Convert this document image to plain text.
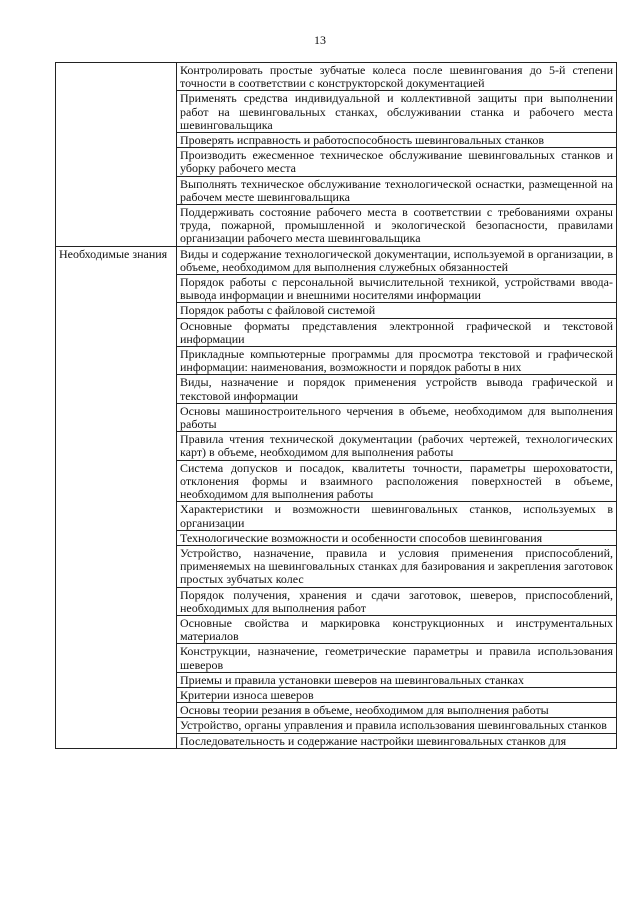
13
	Контролировать простые зубчатые колеса после шевингования до 5-й степени точности в соответствии с конструкторской документацией
	Применять средства индивидуальной и коллективной защиты при выполнении работ на шевинговальных станках, обслуживании станка и рабочего места шевинговальщика
	Проверять исправность и работоспособность шевинговальных станков
	Производить ежесменное техническое обслуживание шевинговальных станков и уборку рабочего места
	Выполнять техническое обслуживание технологической оснастки, размещенной на рабочем месте шевинговальщика
	Поддерживать состояние рабочего места в соответствии с требованиями охраны труда, пожарной, промышленной и экологической безопасности, правилами организации рабочего места шевинговальщика
Необходимые знания	Виды и содержание технологической документации, используемой в организации, в объеме, необходимом для выполнения служебных обязанностей
	Порядок работы с персональной вычислительной техникой, устройствами ввода-вывода информации и внешними носителями информации
	Порядок работы с файловой системой
	Основные форматы представления электронной графической и текстовой информации
	Прикладные компьютерные программы для просмотра текстовой и графической информации: наименования, возможности и порядок работы в них
	Виды, назначение и порядок применения устройств вывода графической и текстовой информации
	Основы машиностроительного черчения в объеме, необходимом для выполнения работы
	Правила чтения технической документации (рабочих чертежей, технологических карт) в объеме, необходимом для выполнения работы
	Система допусков и посадок, квалитеты точности, параметры шероховатости, отклонения формы и взаимного расположения поверхностей в объеме, необходимом для выполнения работы
	Характеристики и возможности шевинговальных станков, используемых в организации
	Технологические возможности и особенности способов шевингования
	Устройство, назначение, правила и условия применения приспособлений, применяемых на шевинговальных станках для базирования и закрепления заготовок простых зубчатых колес
	Порядок получения, хранения и сдачи заготовок, шеверов, приспособлений, необходимых для выполнения работ
	Основные свойства и маркировка конструкционных и инструментальных материалов
	Конструкции, назначение, геометрические параметры и правила использования шеверов
	Приемы и правила установки шеверов на шевинговальных станках
	Критерии износа шеверов
	Основы теории резания в объеме, необходимом для выполнения работы
	Устройство, органы управления и правила использования шевинговальных станков
	Последовательность и содержание настройки шевинговальных станков для
